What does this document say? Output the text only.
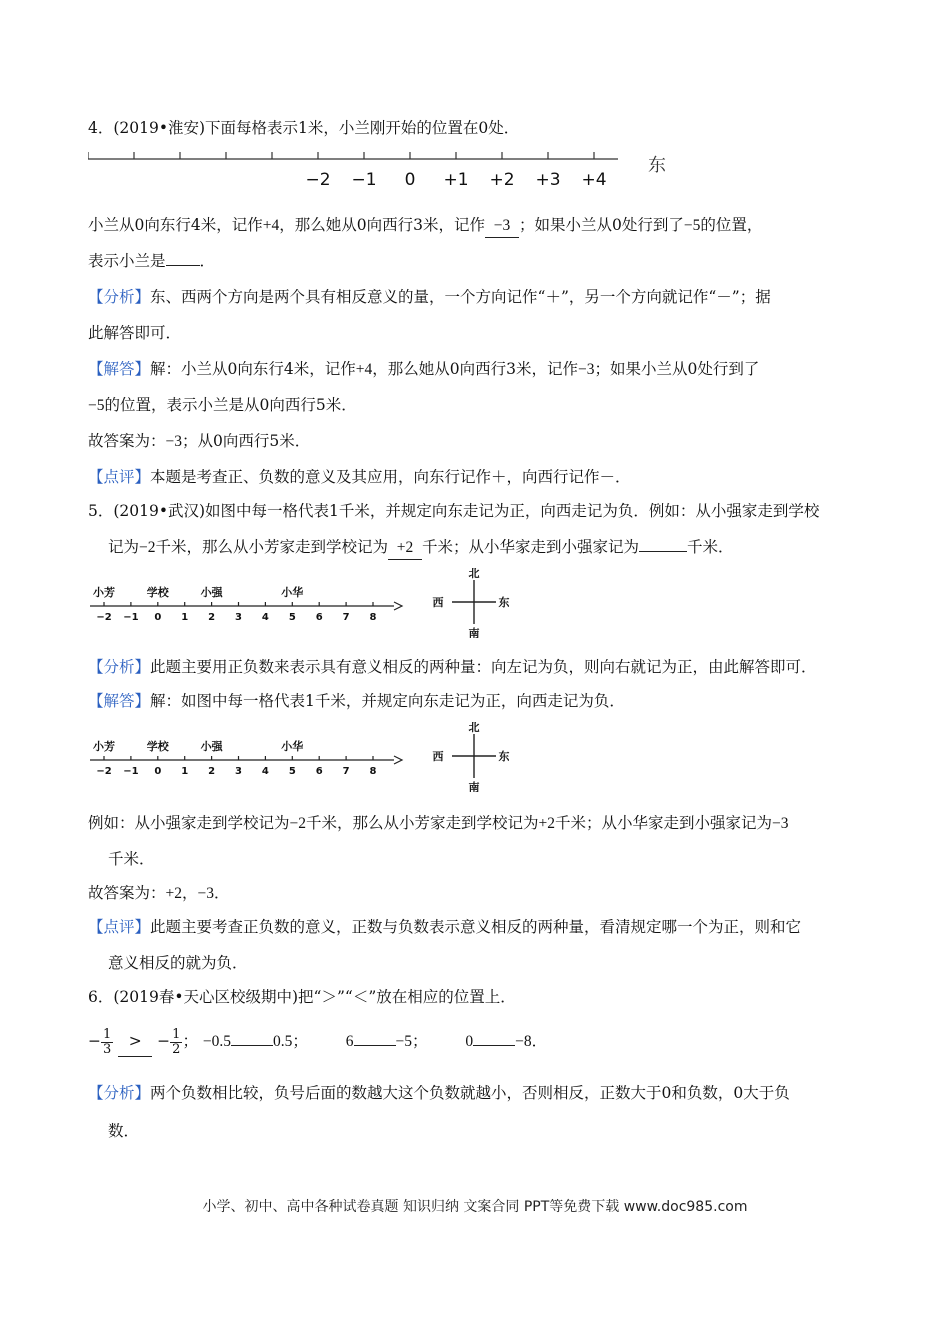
4．(2019•淮安)下面每格表示1米，小兰刚开始的位置在0处．
−2 −1 0 +1 +2 +3 +4
东
小兰从0向东行4米，记作+4，那么她从0向西行3米，记作 −3 ；如果小兰从0处行到了−5的位置，
表示小兰是 ．
【分析】东、西两个方向是两个具有相反意义的量，一个方向记作“＋”，另一个方向就记作“－”；据
此解答即可．
【解答】解：小兰从0向东行4米，记作+4，那么她从0向西行3米，记作−3；如果小兰从0处行到了
−5的位置，表示小兰是从0向西行5米．
故答案为：−3；从0向西行5米．
【点评】本题是考查正、负数的意义及其应用，向东行记作＋，向西行记作－．
5．(2019•武汉)如图中每一格代表1千米，并规定向东走记为正，向西走记为负．例如：从小强家走到学校
记为−2千米，那么从小芳家走到学校记为 +2 千米；从小华家走到小强家记为	千米．
−2 −1 0 1 2 3 4 5 6 7 8
小芳	学校	小强	小华
北
南
西	东
【分析】此题主要用正负数来表示具有意义相反的两种量：向左记为负，则向右就记为正，由此解答即可．
【解答】解：如图中每一格代表1千米，并规定向东走记为正，向西走记为负．
−2 −1 0 1 2 3 4 5 6 7 8
小芳	学校	小强	小华
北
南
西	东
例如：从小强家走到学校记为−2千米，那么从小芳家走到学校记为+2千米；从小华家走到小强家记为−3
千米．
故答案为：+2，−3．
【点评】此题主要考查正负数的意义，正数与负数表示意义相反的两种量，看清规定哪一个为正，则和它
意义相反的就为负．
6．(2019春•天心区校级期中)把“＞”“＜”放在相应的位置上．
− $\frac{1}{3}$ > − $\frac{1}{2}$ ； −0.5	0.5； 6	−5； 0	−8．
【分析】两个负数相比较，负号后面的数越大这个负数就越小，否则相反，正数大于0和负数，0大于负
数．
小学、初中、高中各种试卷真题 知识归纳 文案合同 PPT等免费下载 www.doc985.com
